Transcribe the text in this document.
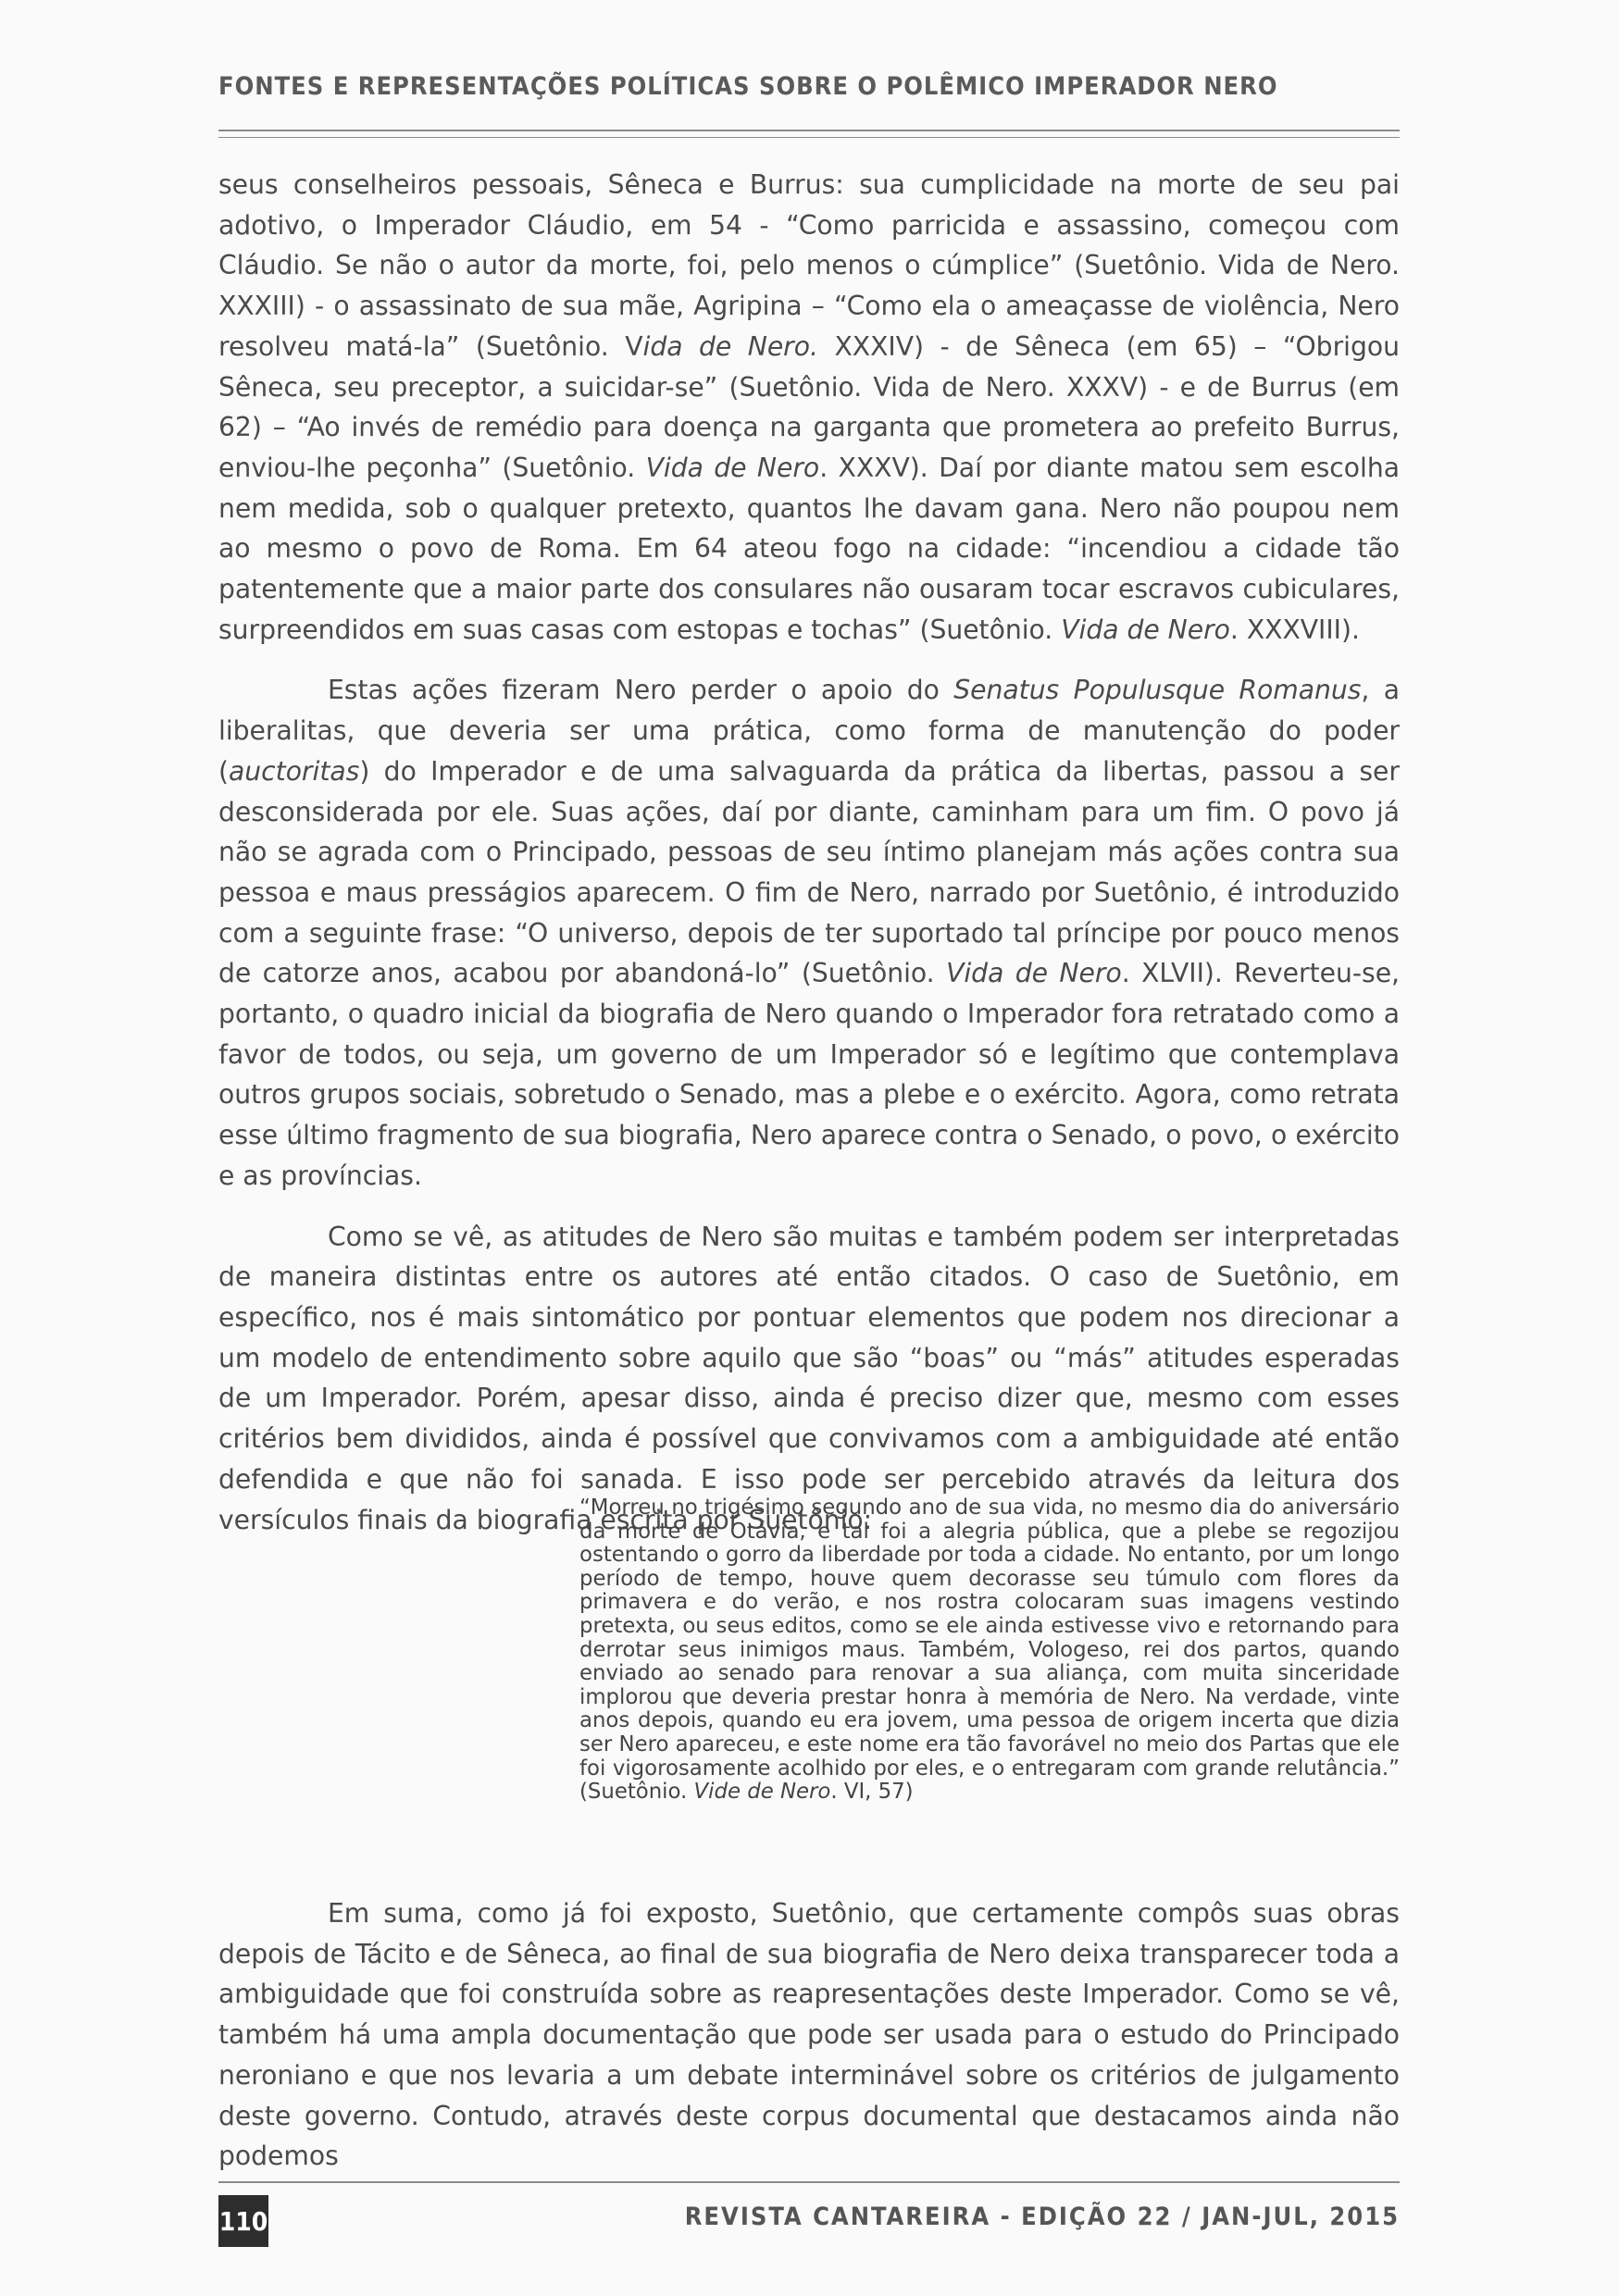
FONTES E REPRESENTAÇÕES POLÍTICAS SOBRE O POLÊMICO IMPERADOR NERO

seus conselheiros pessoais, Sêneca e Burrus: sua cumplicidade na morte de seu pai adotivo, o Imperador Cláudio, em 54 - “Como parricida e assassino, começou com Cláudio. Se não o autor da morte, foi, pelo menos o cúmplice” (Suetônio. Vida de Nero. XXXIII) - o assassinato de sua mãe, Agripina – “Como ela o ameaçasse de violência, Nero resolveu matá-la” (Suetônio. Vida de Nero. XXXIV) - de Sêneca (em 65) – “Obrigou Sêneca, seu preceptor, a suicidar-se” (Suetônio. Vida de Nero. XXXV) - e de Burrus (em 62) – “Ao invés de remédio para doença na garganta que prometera ao prefeito Burrus, enviou-lhe peçonha” (Suetônio. Vida de Nero. XXXV). Daí por diante matou sem escolha nem medida, sob o qualquer pretexto, quantos lhe davam gana. Nero não poupou nem ao mesmo o povo de Roma. Em 64 ateou fogo na cidade: “incendiou a cidade tão patentemente que a maior parte dos consulares não ousaram tocar escravos cubiculares, surpreendidos em suas casas com estopas e tochas” (Suetônio. Vida de Nero. XXXVIII).

Estas ações fizeram Nero perder o apoio do Senatus Populusque Romanus, a liberalitas, que deveria ser uma prática, como forma de manutenção do poder (auctoritas) do Imperador e de uma salvaguarda da prática da libertas, passou a ser desconsiderada por ele. Suas ações, daí por diante, caminham para um fim. O povo já não se agrada com o Principado, pessoas de seu íntimo planejam más ações contra sua pessoa e maus presságios aparecem. O fim de Nero, narrado por Suetônio, é introduzido com a seguinte frase: “O universo, depois de ter suportado tal príncipe por pouco menos de catorze anos, acabou por abandoná-lo” (Suetônio. Vida de Nero. XLVII). Reverteu-se, portanto, o quadro inicial da biografia de Nero quando o Imperador fora retratado como a favor de todos, ou seja, um governo de um Imperador só e legítimo que contemplava outros grupos sociais, sobretudo o Senado, mas a plebe e o exército. Agora, como retrata esse último fragmento de sua biografia, Nero aparece contra o Senado, o povo, o exército e as províncias.

Como se vê, as atitudes de Nero são muitas e também podem ser interpretadas de maneira distintas entre os autores até então citados. O caso de Suetônio, em específico, nos é mais sintomático por pontuar elementos que podem nos direcionar a um modelo de entendimento sobre aquilo que são “boas” ou “más” atitudes esperadas de um Imperador. Porém, apesar disso, ainda é preciso dizer que, mesmo com esses critérios bem divididos, ainda é possível que convivamos com a ambiguidade até então defendida e que não foi sanada. E isso pode ser percebido através da leitura dos versículos finais da biografia escrita por Suetônio:

“Morreu no trigésimo segundo ano de sua vida, no mesmo dia do aniversário da morte de Otávia, e tal foi a alegria pública, que a plebe se regozijou ostentando o gorro da liberdade por toda a cidade. No entanto, por um longo período de tempo, houve quem decorasse seu túmulo com flores da primavera e do verão, e nos rostra colocaram suas imagens vestindo pretexta, ou seus editos, como se ele ainda estivesse vivo e retornando para derrotar seus inimigos maus. Também, Vologeso, rei dos partos, quando enviado ao senado para renovar a sua aliança, com muita sinceridade implorou que deveria prestar honra à memória de Nero. Na verdade, vinte anos depois, quando eu era jovem, uma pessoa de origem incerta que dizia ser Nero apareceu, e este nome era tão favorável no meio dos Partas que ele foi vigorosamente acolhido por eles, e o entregaram com grande relutância.” (Suetônio. Vide de Nero. VI, 57)

Em suma, como já foi exposto, Suetônio, que certamente compôs suas obras depois de Tácito e de Sêneca, ao final de sua biografia de Nero deixa transparecer toda a ambiguidade que foi construída sobre as reapresentações deste Imperador. Como se vê, também há uma ampla documentação que pode ser usada para o estudo do Principado neroniano e que nos levaria a um debate interminável sobre os critérios de julgamento deste governo. Contudo, através deste corpus documental que destacamos ainda não podemos

110	REVISTA CANTAREIRA - EDIÇÃO 22 / JAN-JUL, 2015
